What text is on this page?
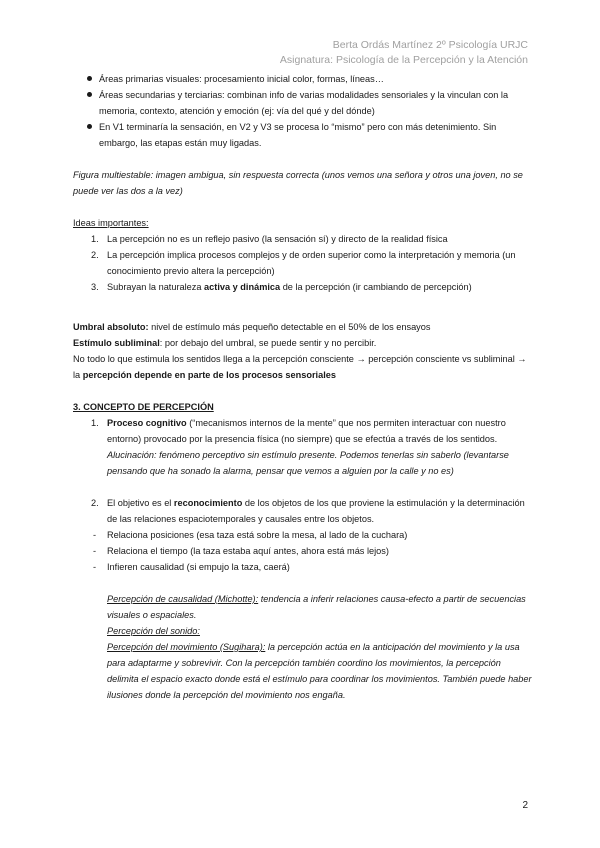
Berta Ordás Martínez 2º Psicología URJC
Asignatura: Psicología de la Percepción y la Atención
Áreas primarias visuales: procesamiento inicial color, formas, líneas…
Áreas secundarias y terciarias: combinan info de varias modalidades sensoriales y la vinculan con la memoria, contexto, atención y emoción (ej: vía del qué y del dónde)
En V1 terminaría la sensación, en V2 y V3 se procesa lo “mismo” pero con más detenimiento. Sin embargo, las etapas están muy ligadas.
Figura multiestable: imagen ambigua, sin respuesta correcta (unos vemos una señora y otros una joven, no se puede ver las dos a la vez)
Ideas importantes:
1. La percepción no es un reflejo pasivo (la sensación sí) y directo de la realidad física
2. La percepción implica procesos complejos y de orden superior como la interpretación y memoria (un conocimiento previo altera la percepción)
3. Subrayan la naturaleza activa y dinámica de la percepción (ir cambiando de percepción)
Umbral absoluto: nivel de estímulo más pequeño detectable en el 50% de los ensayos
Estímulo subliminal: por debajo del umbral, se puede sentir y no percibir.
No todo lo que estimula los sentidos llega a la percepción consciente → percepción consciente vs subliminal → la percepción depende en parte de los procesos sensoriales
3. CONCEPTO DE PERCEPCIÓN
1. Proceso cognitivo (“mecanismos internos de la mente” que nos permiten interactuar con nuestro entorno) provocado por la presencia física (no siempre) que se efectúa a través de los sentidos.
Alucinación: fenómeno perceptivo sin estímulo presente. Podemos tenerlas sin saberlo (levantarse pensando que ha sonado la alarma, pensar que vemos a alguien por la calle y no es)
2. El objetivo es el reconocimiento de los objetos de los que proviene la estimulación y la determinación de las relaciones espaciotemporales y causales entre los objetos.
- Relaciona posiciones (esa taza está sobre la mesa, al lado de la cuchara)
- Relaciona el tiempo (la taza estaba aquí antes, ahora está más lejos)
- Infieren causalidad (si empujo la taza, caerá)
Percepción de causalidad (Michotte): tendencia a inferir relaciones causa-efecto a partir de secuencias visuales o espaciales.
Percepción del sonido:
Percepción del movimiento (Sugihara): la percepción actúa en la anticipación del movimiento y la usa para adaptarme y sobrevivir. Con la percepción también coordino los movimientos, la percepción delimita el espacio exacto donde está el estímulo para coordinar los movimientos. También puede haber ilusiones donde la percepción del movimiento nos engaña.
2
